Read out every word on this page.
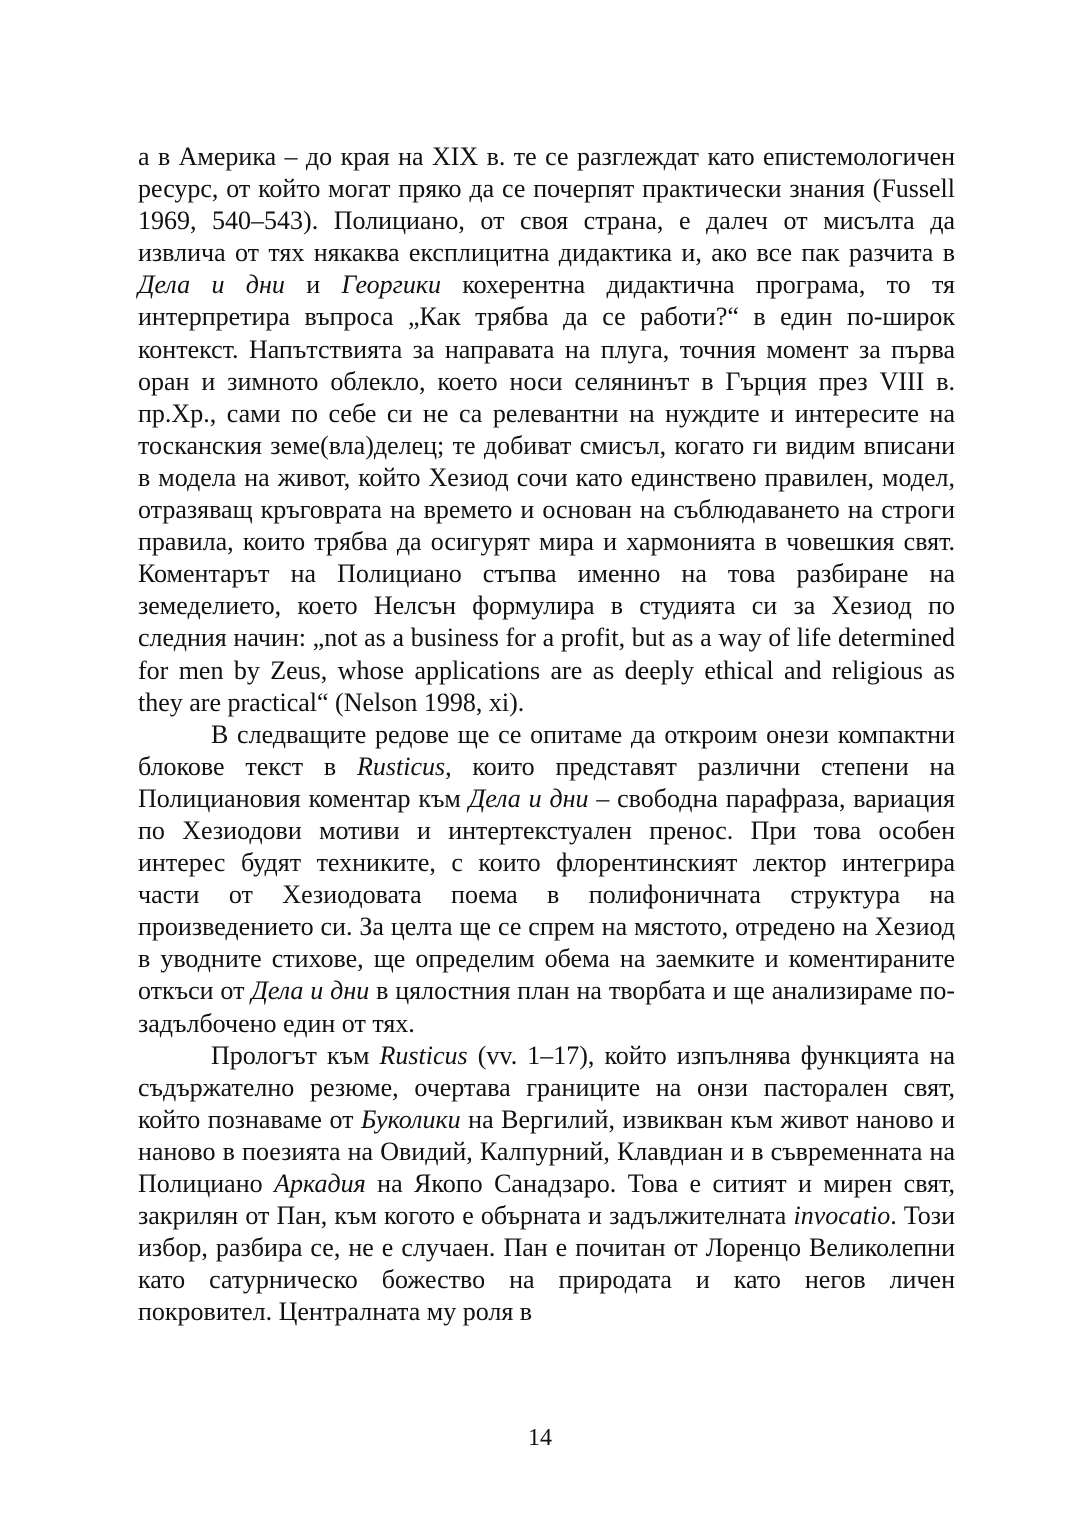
а в Америка – до края на XIX в. те се разглеждат като епистемологичен ресурс, от който могат пряко да се почерпят практически знания (Fussell 1969, 540–543). Полициано, от своя страна, е далеч от мисълта да извлича от тях някаква експлицитна дидактика и, ако все пак разчита в Дела и дни и Георгики кохерентна дидактична програма, то тя интерпретира въпроса „Как трябва да се работи?“ в един по-широк контекст. Напътствията за направата на плуга, точния момент за първа оран и зимното облекло, което носи селянинът в Гърция през VIII в. пр.Хр., сами по себе си не са релевантни на нуждите и интересите на тосканския земе(вла)делец; те добиват смисъл, когато ги видим вписани в модела на живот, който Хезиод сочи като единствено правилен, модел, отразяващ кръговрата на времето и основан на съблюдаването на строги правила, които трябва да осигурят мира и хармонията в човешкия свят. Коментарът на Полициано стъпва именно на това разбиране на земеделието, което Нелсън формулира в студията си за Хезиод по следния начин: „not as a business for a profit, but as a way of life determined for men by Zeus, whose applications are as deeply ethical and religious as they are practical“ (Nelson 1998, xi).

В следващите редове ще се опитаме да откроим онези компактни блокове текст в Rusticus, които представят различни степени на Полициановия коментар към Дела и дни – свободна парафраза, вариация по Хезиодови мотиви и интертекстуален пренос. При това особен интерес будят техниките, с които флорентинският лектор интегрира части от Хезиодовата поема в полифоничната структура на произведението си. За целта ще се спрем на мястото, отредено на Хезиод в уводните стихове, ще определим обема на заемките и коментираните откъси от Дела и дни в цялостния план на творбата и ще анализираме по-задълбочено един от тях.

Прологът към Rusticus (vv. 1–17), който изпълнява функцията на съдържателно резюме, очертава границите на онзи пасторален свят, който познаваме от Буколики на Вергилий, извикван към живот наново и наново в поезията на Овидий, Калпурний, Клавдиан и в съвременната на Полициано Аркадия на Якопо Санадзаро. Това е ситият и мирен свят, закрилян от Пан, към когото е обърната и задължителната invocatio. Този избор, разбира се, не е случаен. Пан е почитан от Лоренцо Великолепни като сатурническо божество на природата и като негов личен покровител. Централната му роля в

14
